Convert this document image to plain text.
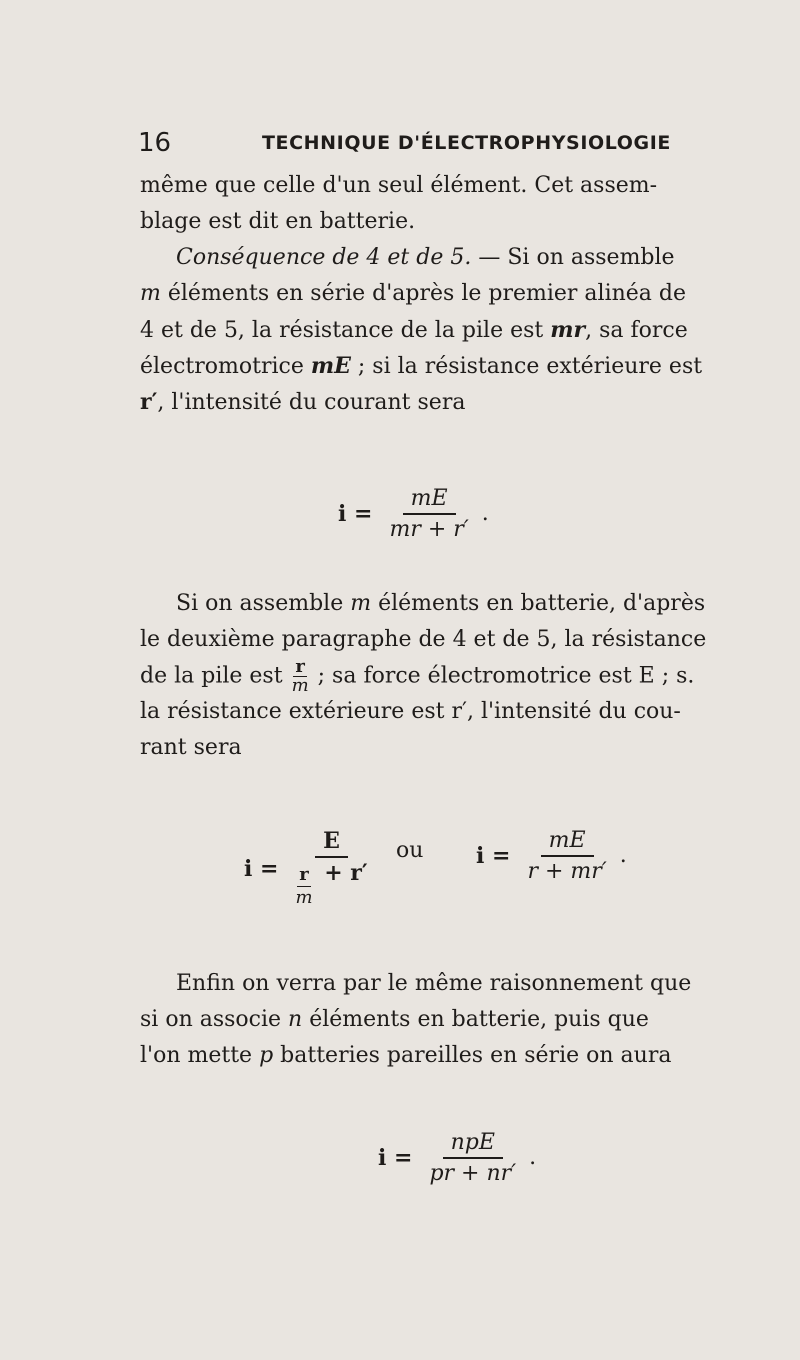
16	TECHNIQUE D'ÉLECTROPHYSIOLOGIE
même que celle d'un seul élément. Cet assem-
blage est dit en batterie.
Conséquence de 4 et de 5. — Si on assemble
m éléments en série d'après le premier alinéa de
4 et de 5, la résistance de la pile est mr, sa force
électromotrice mE ; si la résistance extérieure est
r′, l'intensité du courant sera
$i = \frac{mE}{mr + r'}$ .
Si on assemble m éléments en batterie, d'après
le deuxième paragraphe de 4 et de 5, la résistance
de la pile est $\frac{r}{m}$ ; sa force électromotrice est E ; s.
la résistance extérieure est r′, l'intensité du cou-
rant sera
$i = \frac{E}{\frac{r}{m} + r'}$ ou $i = \frac{mE}{r + mr'}$ .
Enfin on verra par le même raisonnement que
si on associe n éléments en batterie, puis que
l'on mette p batteries pareilles en série on aura
$i = \frac{\text{npE}}{pr + nr'}$ .
